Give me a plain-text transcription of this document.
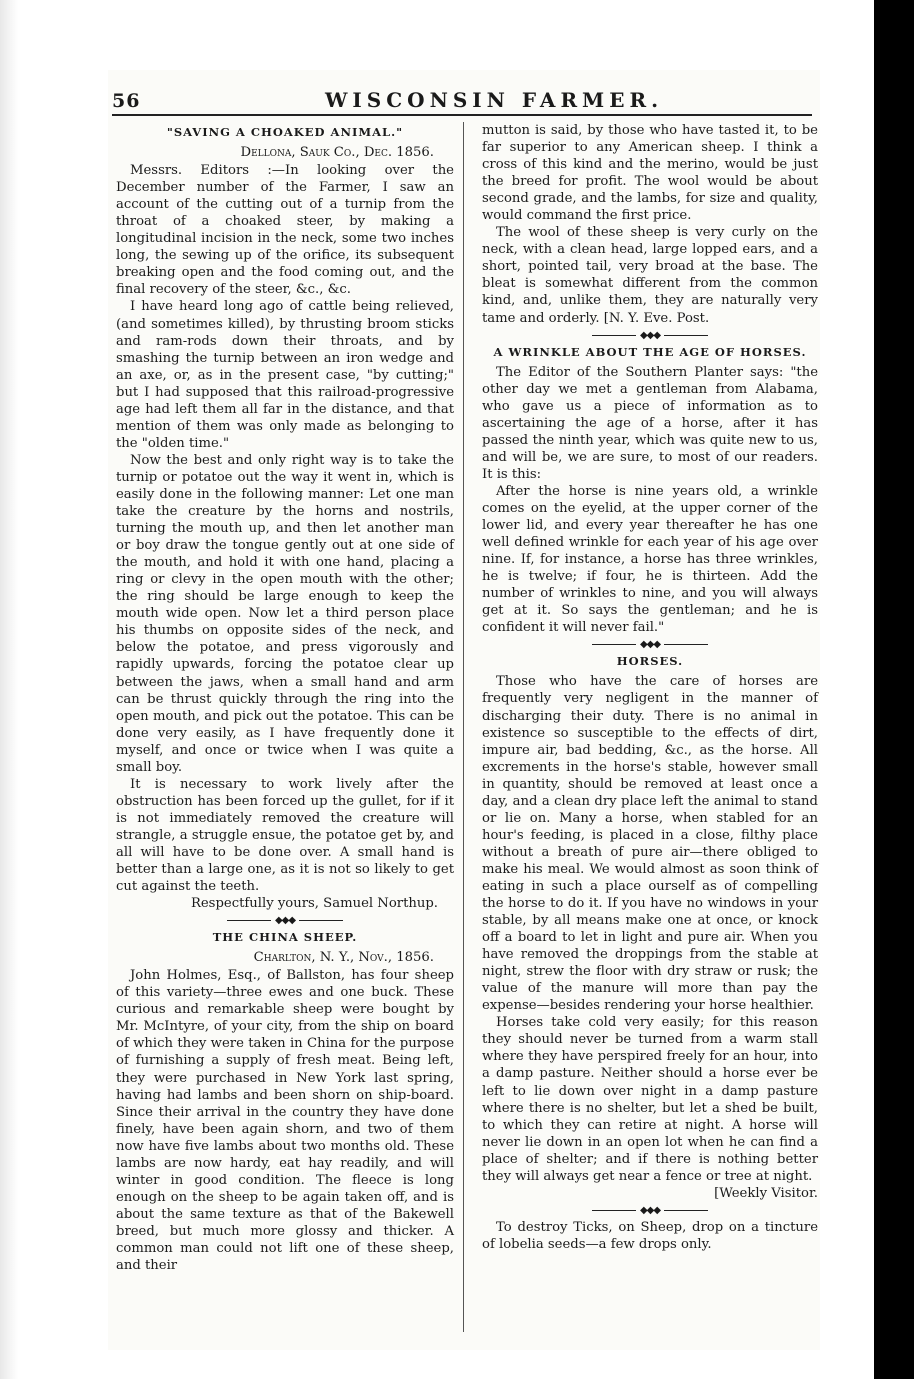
56	WISCONSIN FARMER.
"SAVING A CHOAKED ANIMAL."
Dellona, Sauk Co., Dec. 1856.

Messrs. Editors :—In looking over the December number of the Farmer, I saw an account of the cutting out of a turnip from the throat of a choaked steer, by making a longitudinal incision in the neck, some two inches long, the sewing up of the orifice, its subsequent breaking open and the food coming out, and the final recovery of the steer, &c., &c.

I have heard long ago of cattle being relieved, (and sometimes killed), by thrusting broom sticks and ram-rods down their throats, and by smashing the turnip between an iron wedge and an axe, or, as in the present case, "by cutting;" but I had supposed that this railroad-progressive age had left them all far in the distance, and that mention of them was only made as belonging to the "olden time."

Now the best and only right way is to take the turnip or potatoe out the way it went in, which is easily done in the following manner: Let one man take the creature by the horns and nostrils, turning the mouth up, and then let another man or boy draw the tongue gently out at one side of the mouth, and hold it with one hand, placing a ring or clevy in the open mouth with the other; the ring should be large enough to keep the mouth wide open. Now let a third person place his thumbs on opposite sides of the neck, and below the potatoe, and press vigorously and rapidly upwards, forcing the potatoe clear up between the jaws, when a small hand and arm can be thrust quickly through the ring into the open mouth, and pick out the potatoe. This can be done very easily, as I have frequently done it myself, and once or twice when I was quite a small boy.

It is necessary to work lively after the obstruction has been forced up the gullet, for if it is not immediately removed the creature will strangle, a struggle ensue, the potatoe get by, and all will have to be done over. A small hand is better than a large one, as it is not so likely to get cut against the teeth.

Respectfully yours, Samuel Northup.
◆◆◆
THE CHINA SHEEP.
Charlton, N. Y., Nov., 1856.

John Holmes, Esq., of Ballston, has four sheep of this variety—three ewes and one buck. These curious and remarkable sheep were bought by Mr. McIntyre, of your city, from the ship on board of which they were taken in China for the purpose of furnishing a supply of fresh meat. Being left, they were purchased in New York last spring, having had lambs and been shorn on ship-board. Since their arrival in the country they have done finely, have been again shorn, and two of them now have five lambs about two months old. These lambs are now hardy, eat hay readily, and will winter in good condition. The fleece is long enough on the sheep to be again taken off, and is about the same texture as that of the Bakewell breed, but much more glossy and thicker. A common man could not lift one of these sheep, and their

mutton is said, by those who have tasted it, to be far superior to any American sheep. I think a cross of this kind and the merino, would be just the breed for profit. The wool would be about second grade, and the lambs, for size and quality, would command the first price.

The wool of these sheep is very curly on the neck, with a clean head, large lopped ears, and a short, pointed tail, very broad at the base. The bleat is somewhat different from the common kind, and, unlike them, they are naturally very tame and orderly. [N. Y. Eve. Post.

◆◆◆
A WRINKLE ABOUT THE AGE OF HORSES.

The Editor of the Southern Planter says: "the other day we met a gentleman from Alabama, who gave us a piece of information as to ascertaining the age of a horse, after it has passed the ninth year, which was quite new to us, and will be, we are sure, to most of our readers. It is this:

After the horse is nine years old, a wrinkle comes on the eyelid, at the upper corner of the lower lid, and every year thereafter he has one well defined wrinkle for each year of his age over nine. If, for instance, a horse has three wrinkles, he is twelve; if four, he is thirteen. Add the number of wrinkles to nine, and you will always get at it. So says the gentleman; and he is confident it will never fail."

◆◆◆
HORSES.

Those who have the care of horses are frequently very negligent in the manner of discharging their duty. There is no animal in existence so susceptible to the effects of dirt, impure air, bad bedding, &c., as the horse. All excrements in the horse's stable, however small in quantity, should be removed at least once a day, and a clean dry place left the animal to stand or lie on. Many a horse, when stabled for an hour's feeding, is placed in a close, filthy place without a breath of pure air—there obliged to make his meal. We would almost as soon think of eating in such a place ourself as of compelling the horse to do it. If you have no windows in your stable, by all means make one at once, or knock off a board to let in light and pure air. When you have removed the droppings from the stable at night, strew the floor with dry straw or rusk; the value of the manure will more than pay the expense—besides rendering your horse healthier.

Horses take cold very easily; for this reason they should never be turned from a warm stall where they have perspired freely for an hour, into a damp pasture. Neither should a horse ever be left to lie down over night in a damp pasture where there is no shelter, but let a shed be built, to which they can retire at night. A horse will never lie down in an open lot when he can find a place of shelter; and if there is nothing better they will always get near a fence or tree at night.

[Weekly Visitor.
◆◆◆

To destroy Ticks, on Sheep, drop on a tincture of lobelia seeds—a few drops only.
